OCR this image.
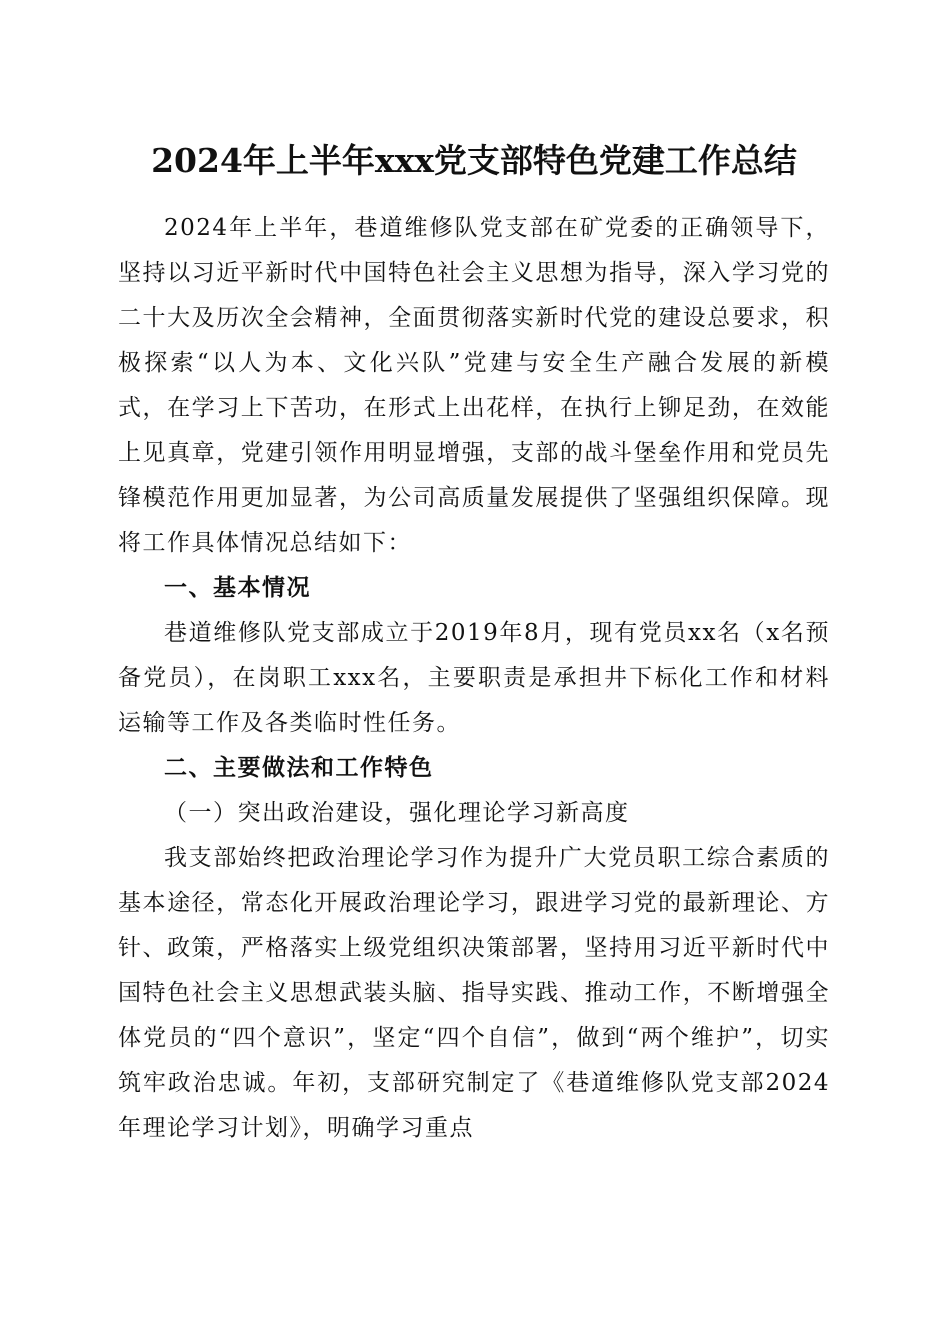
2024年上半年xxx党支部特色党建工作总结

2024年上半年，巷道维修队党支部在矿党委的正确领导下，坚持以习近平新时代中国特色社会主义思想为指导，深入学习党的二十大及历次全会精神，全面贯彻落实新时代党的建设总要求，积极探索“以人为本、文化兴队”党建与安全生产融合发展的新模式，在学习上下苦功，在形式上出花样，在执行上铆足劲，在效能上见真章，党建引领作用明显增强，支部的战斗堡垒作用和党员先锋模范作用更加显著，为公司高质量发展提供了坚强组织保障。现将工作具体情况总结如下：

一、基本情况

巷道维修队党支部成立于2019年8月，现有党员xx名（x名预备党员），在岗职工xxx名，主要职责是承担井下标化工作和材料运输等工作及各类临时性任务。

二、主要做法和工作特色

（一）突出政治建设，强化理论学习新高度

我支部始终把政治理论学习作为提升广大党员职工综合素质的基本途径，常态化开展政治理论学习，跟进学习党的最新理论、方针、政策，严格落实上级党组织决策部署，坚持用习近平新时代中国特色社会主义思想武装头脑、指导实践、推动工作，不断增强全体党员的“四个意识”，坚定“四个自信”，做到“两个维护”，切实筑牢政治忠诚。年初，支部研究制定了《巷道维修队党支部2024年理论学习计划》，明确学习重点
